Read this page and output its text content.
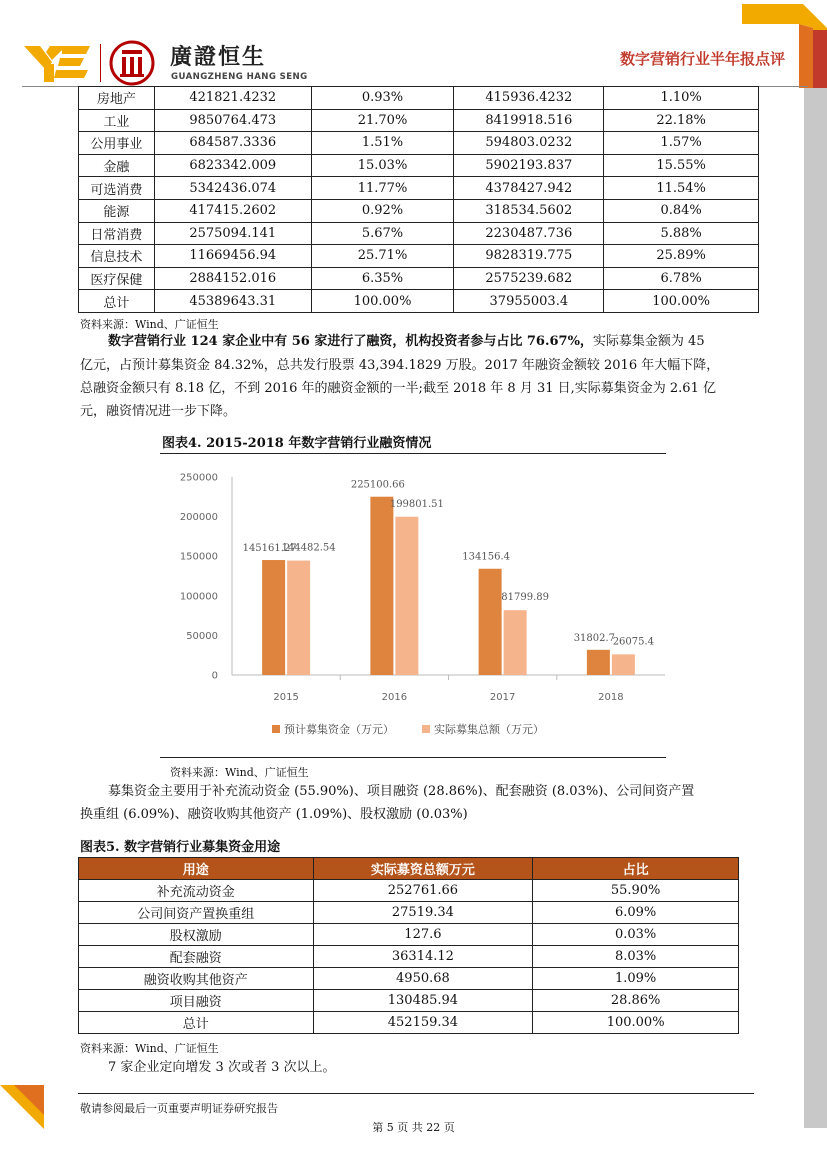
廣證恒生
GUANGZHENG HANG SENG
数字营销行业半年报点评
房地产	421821.4232	0.93%	415936.4232	1.10%
工业	9850764.473	21.70%	8419918.516	22.18%
公用事业	684587.3336	1.51%	594803.0232	1.57%
金融	6823342.009	15.03%	5902193.837	15.55%
可选消费	5342436.074	11.77%	4378427.942	11.54%
能源	417415.2602	0.92%	318534.5602	0.84%
日常消费	2575094.141	5.67%	2230487.736	5.88%
信息技术	11669456.94	25.71%	9828319.775	25.89%
医疗保健	2884152.016	6.35%	2575239.682	6.78%
总计	45389643.31	100.00%	37955003.4	100.00%
资料来源：Wind、广证恒生
数字营销行业 124 家企业中有 56 家进行了融资，机构投资者参与占比 76.67%，实际募集金额为 45
亿元，占预计募集资金 84.32%，总共发行股票 43,394.1829 万股。2017 年融资金额较 2016 年大幅下降，
总融资金额只有 8.18 亿，不到 2016 年的融资金额的一半;截至 2018 年 8 月 31 日,实际募集资金为 2.61 亿
元，融资情况进一步下降。
图表4. 2015-2018 年数字营销行业融资情况
0
50000
100000
150000
200000
250000
2015	2016	2017	2018
145161.27
144482.54
225100.66
199801.51
134156.4
81799.89
31802.7
26075.4
预计募集资金（万元）	实际募集总额（万元）
资料来源：Wind、广证恒生
募集资金主要用于补充流动资金 (55.90%)、项目融资 (28.86%)、配套融资 (8.03%)、公司间资产置
换重组 (6.09%)、融资收购其他资产 (1.09%)、股权激励 (0.03%)
图表5. 数字营销行业募集资金用途
用途	实际募资总额万元	占比
补充流动资金	252761.66	55.90%
公司间资产置换重组	27519.34	6.09%
股权激励	127.6	0.03%
配套融资	36314.12	8.03%
融资收购其他资产	4950.68	1.09%
项目融资	130485.94	28.86%
总计	452159.34	100.00%
资料来源：Wind、广证恒生
7 家企业定向增发 3 次或者 3 次以上。
敬请参阅最后一页重要声明证券研究报告
第 5 页 共 22 页
